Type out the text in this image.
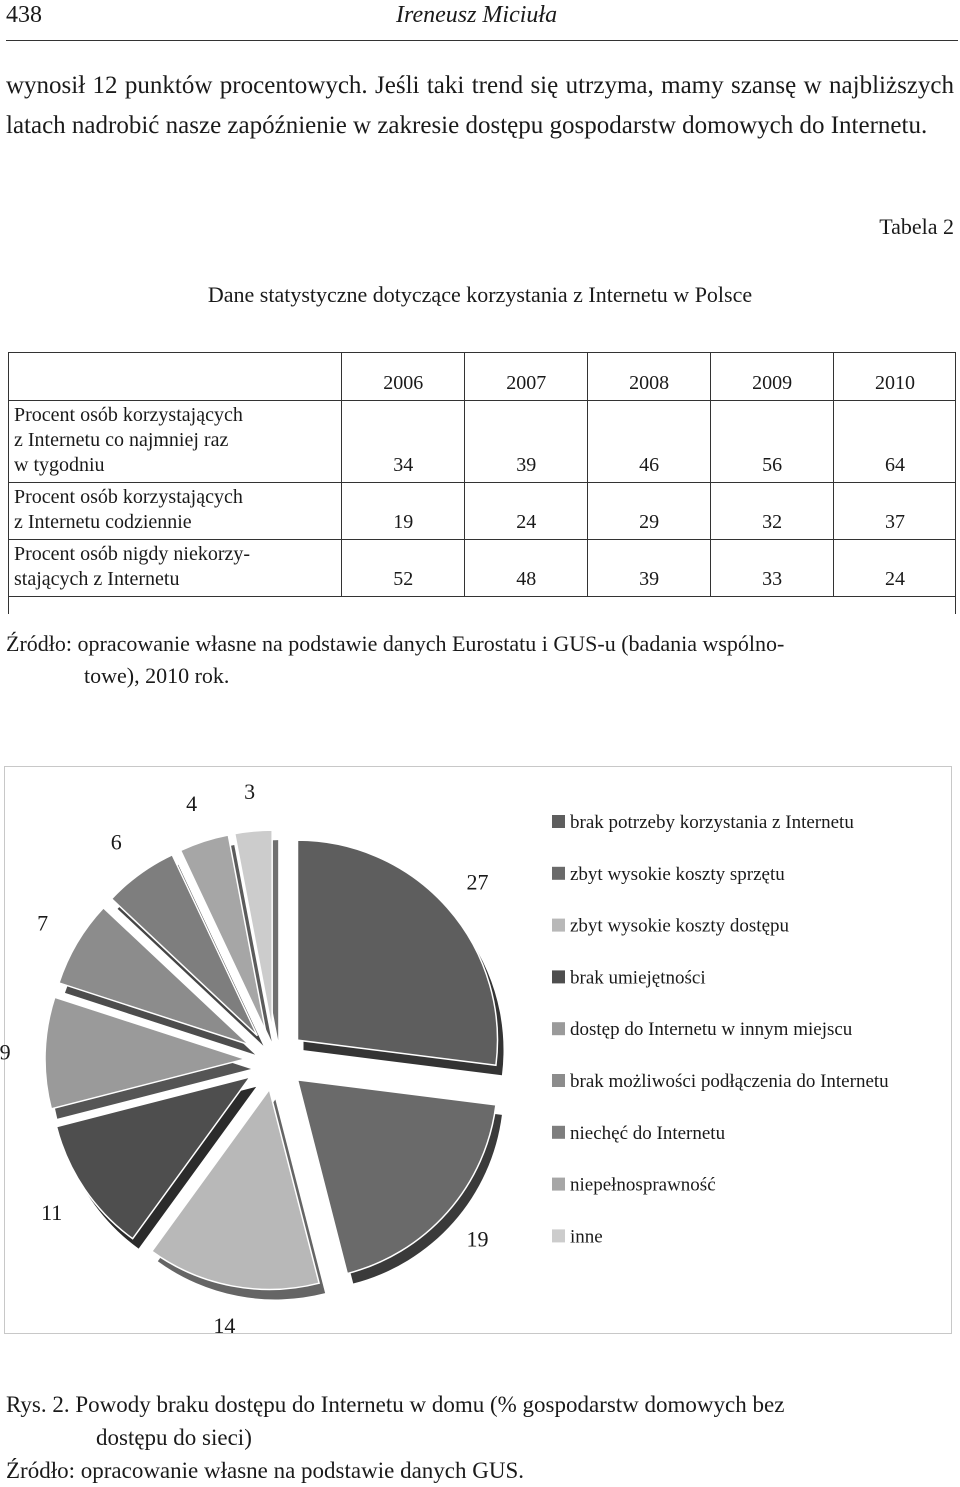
438	Ireneusz Miciuła

wynosił 12 punktów procentowych. Jeśli taki trend się utrzyma, mamy szansę w najbliższych latach nadrobić nasze zapóźnienie w zakresie dostępu gospodarstw domowych do Internetu.

Tabela 2
Dane statystyczne dotyczące korzystania z Internetu w Polsce
	2006	2007	2008	2009	2010
Procent osób korzystających
z Internetu co najmniej raz
w tygodniu	34	39	46	56	64
Procent osób korzystających
z Internetu codziennie	19	24	29	32	37
Procent osób nigdy niekorzy-
stających z Internetu	52	48	39	33	24
Źródło: opracowanie własne na podstawie danych Eurostatu i GUS-u (badania wspólno-
towe), 2010 rok.
27
19
14
11
9
7
6
4 3
brak potrzeby korzystania z Internetu
zbyt wysokie koszty sprzętu
zbyt wysokie koszty dostępu
brak umiejętności
dostęp do Internetu w innym miejscu
brak możliwości podłączenia do Internetu
niechęć do Internetu
niepełnosprawność
inne
Rys. 2. Powody braku dostępu do Internetu w domu (% gospodarstw domowych bez
dostępu do sieci)
Źródło: opracowanie własne na podstawie danych GUS.
